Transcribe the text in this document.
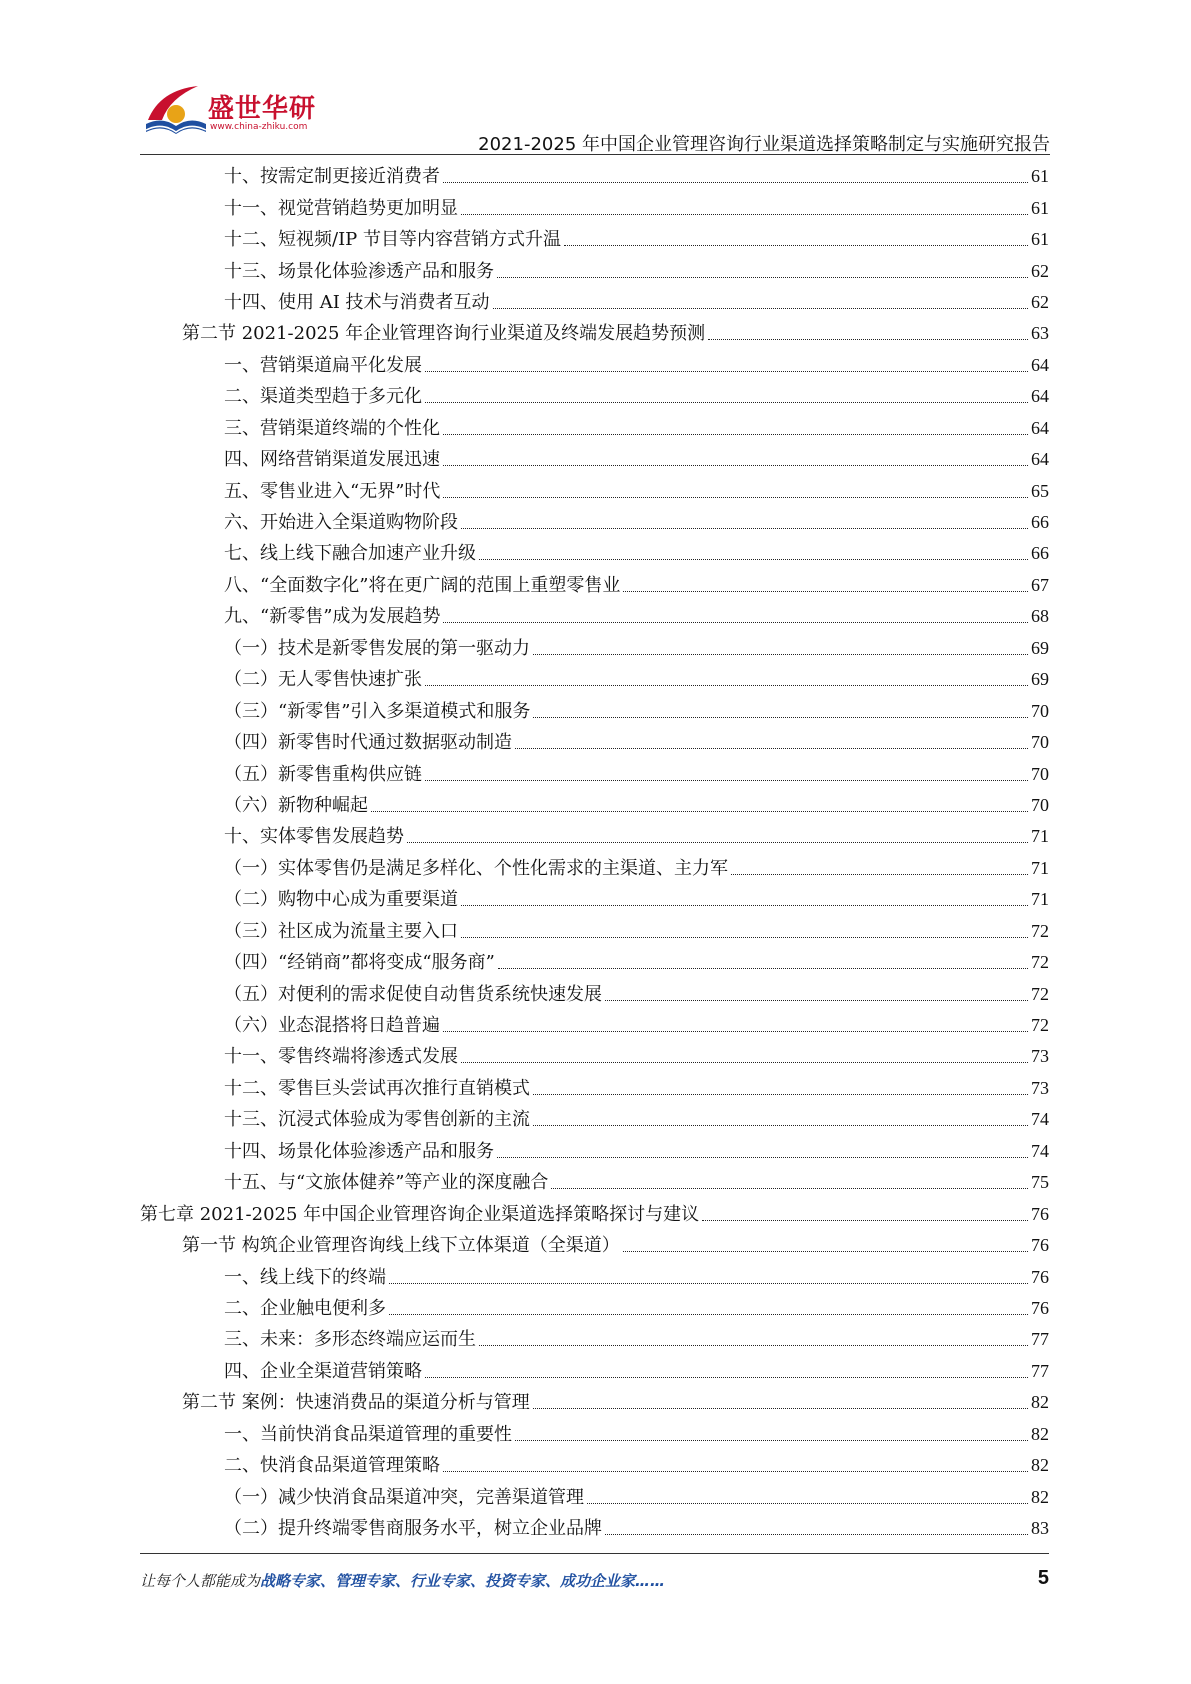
盛世华研
www.china-zhiku.com
2021-2025 年中国企业管理咨询行业渠道选择策略制定与实施研究报告
十、按需定制更接近消费者	61
十一、视觉营销趋势更加明显	61
十二、短视频/IP 节目等内容营销方式升温	61
十三、场景化体验渗透产品和服务	62
十四、使用 AI 技术与消费者互动	62
第二节 2021-2025 年企业管理咨询行业渠道及终端发展趋势预测	63
一、营销渠道扁平化发展	64
二、渠道类型趋于多元化	64
三、营销渠道终端的个性化	64
四、网络营销渠道发展迅速	64
五、零售业进入“无界”时代	65
六、开始进入全渠道购物阶段	66
七、线上线下融合加速产业升级	66
八、“全面数字化”将在更广阔的范围上重塑零售业	67
九、“新零售”成为发展趋势	68
（一）技术是新零售发展的第一驱动力	69
（二）无人零售快速扩张	69
（三）“新零售”引入多渠道模式和服务	70
（四）新零售时代通过数据驱动制造	70
（五）新零售重构供应链	70
（六）新物种崛起	70
十、实体零售发展趋势	71
（一）实体零售仍是满足多样化、个性化需求的主渠道、主力军	71
（二）购物中心成为重要渠道	71
（三）社区成为流量主要入口	72
（四）“经销商”都将变成“服务商”	72
（五）对便利的需求促使自动售货系统快速发展	72
（六）业态混搭将日趋普遍	72
十一、零售终端将渗透式发展	73
十二、零售巨头尝试再次推行直销模式	73
十三、沉浸式体验成为零售创新的主流	74
十四、场景化体验渗透产品和服务	74
十五、与“文旅体健养”等产业的深度融合	75
第七章 2021-2025 年中国企业管理咨询企业渠道选择策略探讨与建议	76
第一节 构筑企业管理咨询线上线下立体渠道（全渠道）	76
一、线上线下的终端	76
二、企业触电便利多	76
三、未来：多形态终端应运而生	77
四、企业全渠道营销策略	77
第二节 案例：快速消费品的渠道分析与管理	82
一、当前快消食品渠道管理的重要性	82
二、快消食品渠道管理策略	82
（一）减少快消食品渠道冲突，完善渠道管理	82
（二）提升终端零售商服务水平，树立企业品牌	83
让每个人都能成为战略专家、管理专家、行业专家、投资专家、成功企业家……	5
